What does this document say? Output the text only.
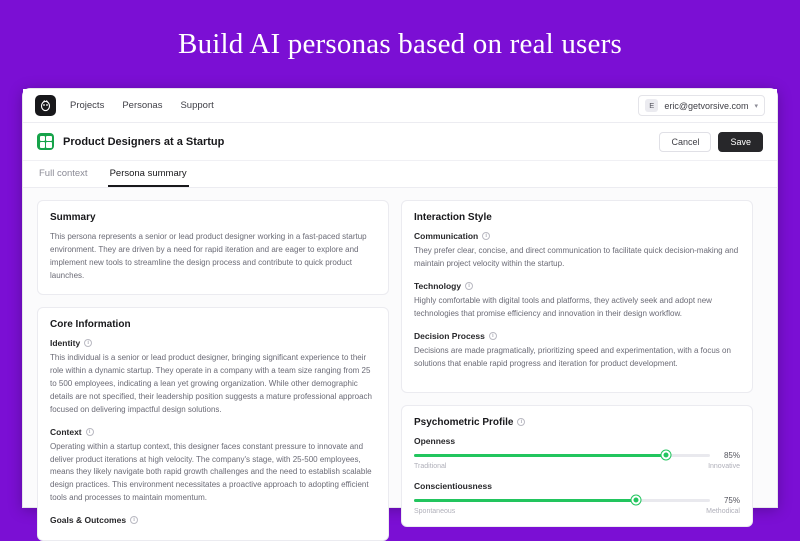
Build AI personas based on real users
Projects Personas Support	E	eric@getvorsive.com ▾
Product Designers at a Startup	Cancel	Save
Full context Persona summary
Summary

This persona represents a senior or lead product designer working in a fast-paced startup environment. They are driven by a need for rapid iteration and are eager to explore and implement new tools to streamline the design process and contribute to quick product launches.

Core Information
Identity	i

This individual is a senior or lead product designer, bringing significant experience to their role within a dynamic startup. They operate in a company with a team size ranging from 25 to 500 employees, indicating a lean yet growing organization. While other demographic details are not specified, their leadership position suggests a mature professional approach focused on delivering impactful design solutions.

Context	i

Operating within a startup context, this designer faces constant pressure to innovate and deliver product iterations at high velocity. The company's stage, with 25-500 employees, means they likely navigate both rapid growth challenges and the need to establish scalable design practices. This environment necessitates a proactive approach to adopting efficient tools and processes to maintain momentum.

Goals & Outcomes	i
Interaction Style
Communication	i

They prefer clear, concise, and direct communication to facilitate quick decision-making and maintain project velocity within the startup.

Technology	i

Highly comfortable with digital tools and platforms, they actively seek and adopt new technologies that promise efficiency and innovation in their design workflow.

Decision Process	i

Decisions are made pragmatically, prioritizing speed and experimentation, with a focus on solutions that enable rapid progress and iteration for product development.

Psychometric Profile	i
Openness
85%
Traditional	Innovative
Conscientiousness
75%
Spontaneous	Methodical
